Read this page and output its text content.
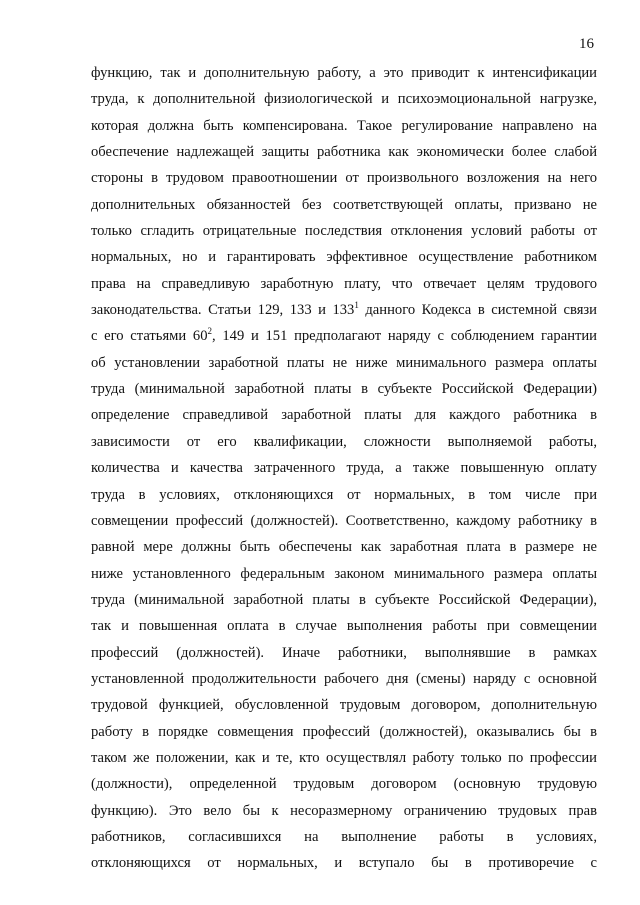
16
функцию, так и дополнительную работу, а это приводит к интенсификации
труда, к дополнительной физиологической и психоэмоциональной нагрузке,
которая должна быть компенсирована. Такое регулирование направлено на
обеспечение надлежащей защиты работника как экономически более слабой
стороны в трудовом правоотношении от произвольного возложения на него
дополнительных обязанностей без соответствующей оплаты, призвано не
только сгладить отрицательные последствия отклонения условий работы от
нормальных, но и гарантировать эффективное осуществление работником
права на справедливую заработную плату, что отвечает целям трудового
законодательства. Статьи 129, 133 и $133^1$ данного Кодекса в системной связи
с его статьями $60^2$, 149 и 151 предполагают наряду с соблюдением гарантии
об установлении заработной платы не ниже минимального размера оплаты
труда (минимальной заработной платы в субъекте Российской Федерации)
определение справедливой заработной платы для каждого работника в
зависимости от его квалификации, сложности выполняемой работы,
количества и качества затраченного труда, а также повышенную оплату
труда в условиях, отклоняющихся от нормальных, в том числе при
совмещении профессий (должностей). Соответственно, каждому работнику в
равной мере должны быть обеспечены как заработная плата в размере не
ниже установленного федеральным законом минимального размера оплаты
труда (минимальной заработной платы в субъекте Российской Федерации),
так и повышенная оплата в случае выполнения работы при совмещении
профессий (должностей). Иначе работники, выполнявшие в рамках
установленной продолжительности рабочего дня (смены) наряду с основной
трудовой функцией, обусловленной трудовым договором, дополнительную
работу в порядке совмещения профессий (должностей), оказывались бы в
таком же положении, как и те, кто осуществлял работу только по профессии
(должности), определенной трудовым договором (основную трудовую
функцию). Это вело бы к несоразмерному ограничению трудовых прав
работников, согласившихся на выполнение работы в условиях,
отклоняющихся от нормальных, и вступало бы в противоречие с
